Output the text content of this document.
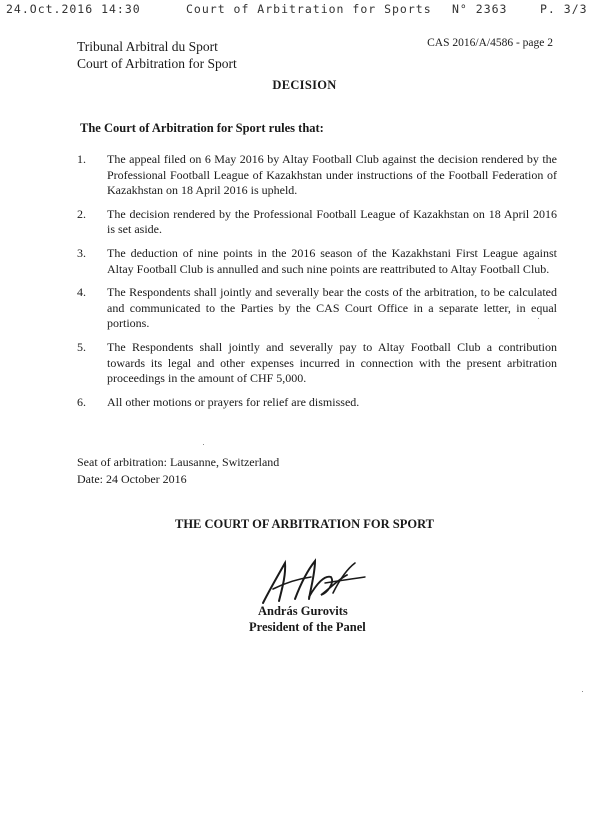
24.Oct.2016 14:30	Court of Arbitration for Sports N° 2363	P. 3/3
Tribunal Arbitral du Sport
Court of Arbitration for Sport
CAS 2016/A/4586 - page 2
DECISION
The Court of Arbitration for Sport rules that:
1. The appeal filed on 6 May 2016 by Altay Football Club against the decision rendered by the Professional Football League of Kazakhstan under instructions of the Football Federation of Kazakhstan on 18 April 2016 is upheld.
2. The decision rendered by the Professional Football League of Kazakhstan on 18 April 2016 is set aside.
3. The deduction of nine points in the 2016 season of the Kazakhstani First League against Altay Football Club is annulled and such nine points are reattributed to Altay Football Club.
4. The Respondents shall jointly and severally bear the costs of the arbitration, to be calculated and communicated to the Parties by the CAS Court Office in a separate letter, in equal portions.
5. The Respondents shall jointly and severally pay to Altay Football Club a contribution towards its legal and other expenses incurred in connection with the present arbitration proceedings in the amount of CHF 5,000.
6. All other motions or prayers for relief are dismissed.
Seat of arbitration: Lausanne, Switzerland
Date: 24 October 2016
THE COURT OF ARBITRATION FOR SPORT
András Gurovits
President of the Panel
